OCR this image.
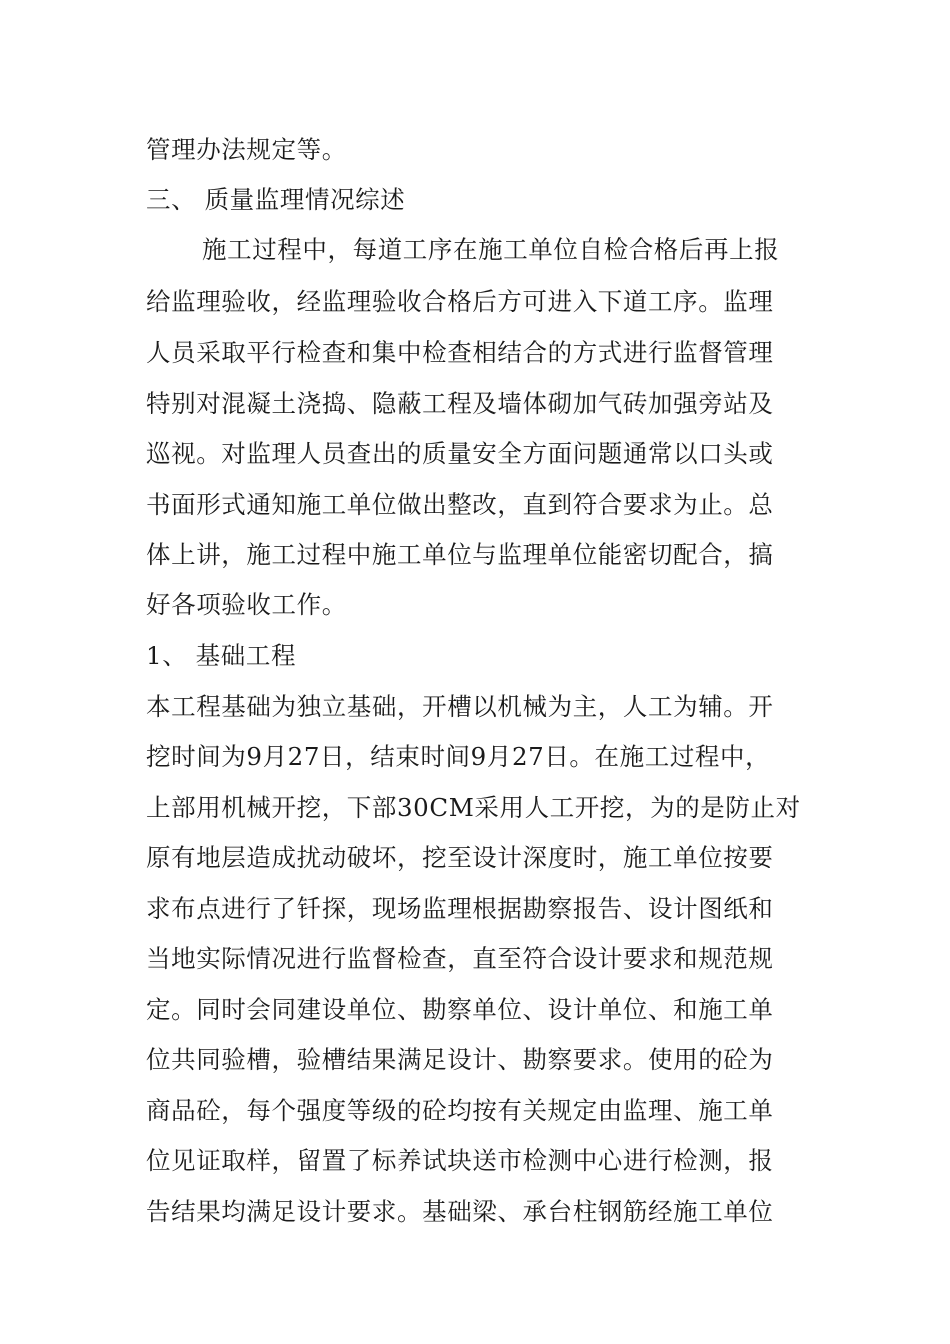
管理办法规定等。
三、 质量监理情况综述
施工过程中，每道工序在施工单位自检合格后再上报
给监理验收，经监理验收合格后方可进入下道工序。监理
人员采取平行检查和集中检查相结合的方式进行监督管理
特别对混凝土浇捣、隐蔽工程及墙体砌加气砖加强旁站及
巡视。对监理人员查出的质量安全方面问题通常以口头或
书面形式通知施工单位做出整改，直到符合要求为止。总
体上讲，施工过程中施工单位与监理单位能密切配合，搞
好各项验收工作。
1、 基础工程
本工程基础为独立基础，开槽以机械为主，人工为辅。开
挖时间为9月27日，结束时间9月27日。在施工过程中，
上部用机械开挖，下部30CM采用人工开挖，为的是防止对
原有地层造成扰动破坏，挖至设计深度时，施工单位按要
求布点进行了钎探，现场监理根据勘察报告、设计图纸和
当地实际情况进行监督检查，直至符合设计要求和规范规
定。同时会同建设单位、勘察单位、设计单位、和施工单
位共同验槽，验槽结果满足设计、勘察要求。使用的砼为
商品砼，每个强度等级的砼均按有关规定由监理、施工单
位见证取样，留置了标养试块送市检测中心进行检测，报
告结果均满足设计要求。基础梁、承台柱钢筋经施工单位
